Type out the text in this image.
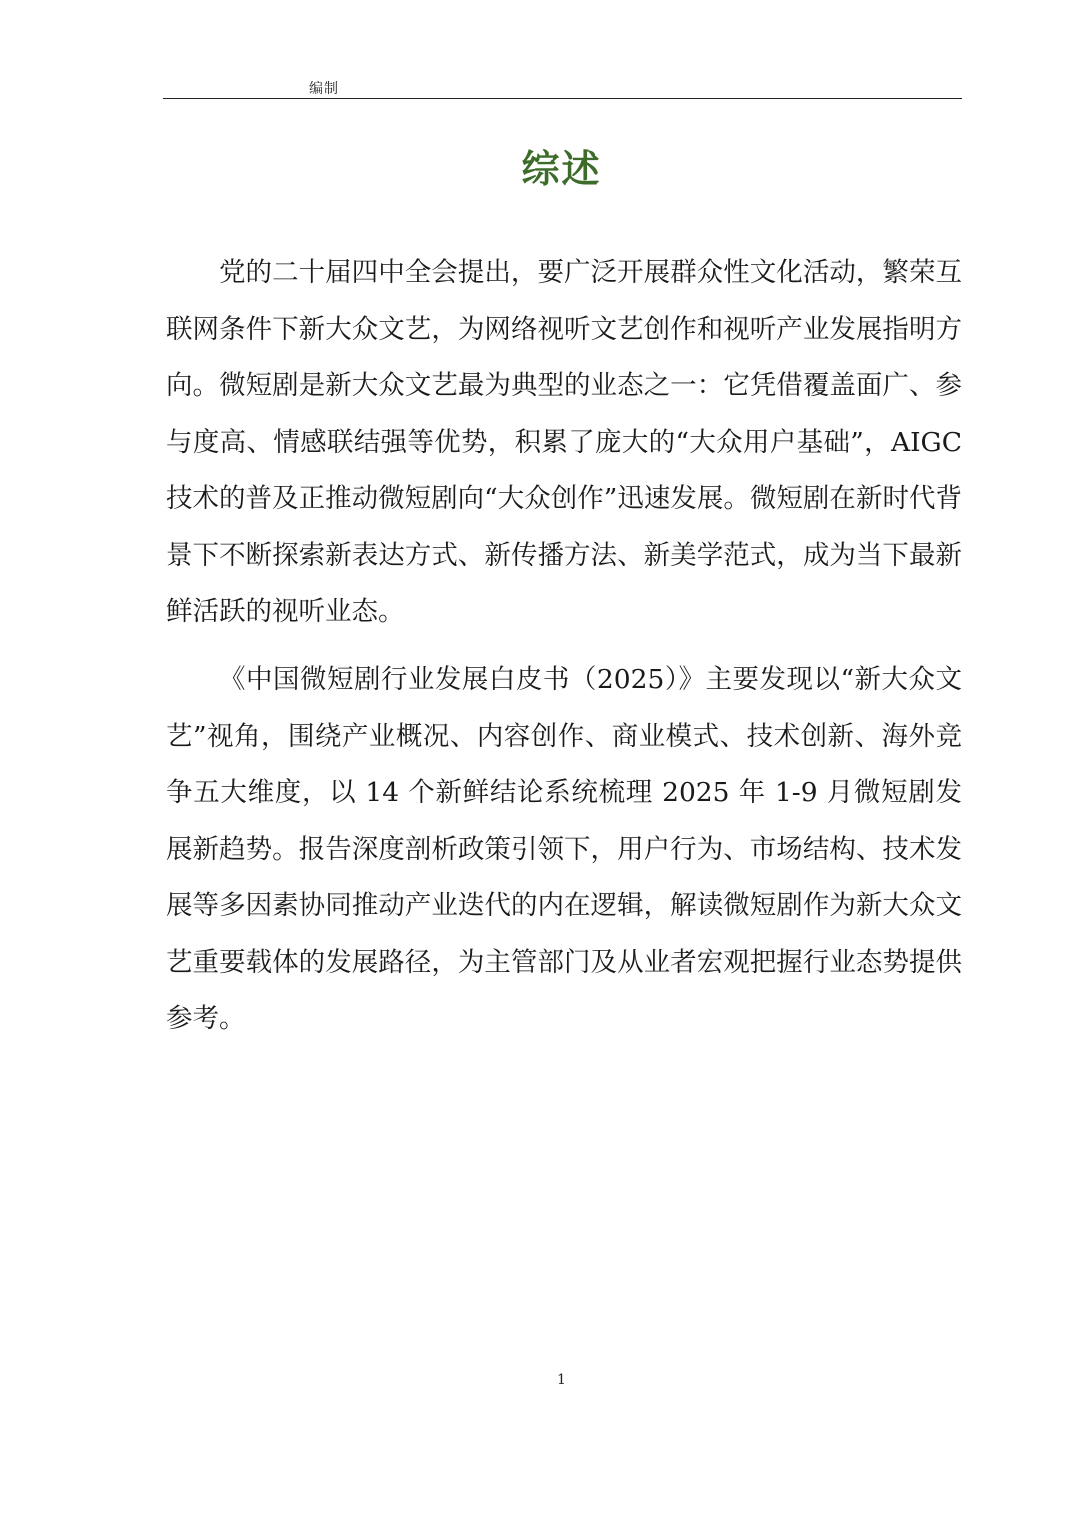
编制
综述

党的二十届四中全会提出，要广泛开展群众性文化活动，繁荣互联网条件下新大众文艺，为网络视听文艺创作和视听产业发展指明方向。微短剧是新大众文艺最为典型的业态之一：它凭借覆盖面广、参与度高、情感联结强等优势，积累了庞大的“大众用户基础”，AIGC 技术的普及正推动微短剧向“大众创作”迅速发展。微短剧在新时代背景下不断探索新表达方式、新传播方法、新美学范式，成为当下最新鲜活跃的视听业态。

《中国微短剧行业发展白皮书（2025）》主要发现以“新大众文艺”视角，围绕产业概况、内容创作、商业模式、技术创新、海外竞争五大维度，以 14 个新鲜结论系统梳理 2025 年 1-9 月微短剧发展新趋势。报告深度剖析政策引领下，用户行为、市场结构、技术发展等多因素协同推动产业迭代的内在逻辑，解读微短剧作为新大众文艺重要载体的发展路径，为主管部门及从业者宏观把握行业态势提供参考。

1
